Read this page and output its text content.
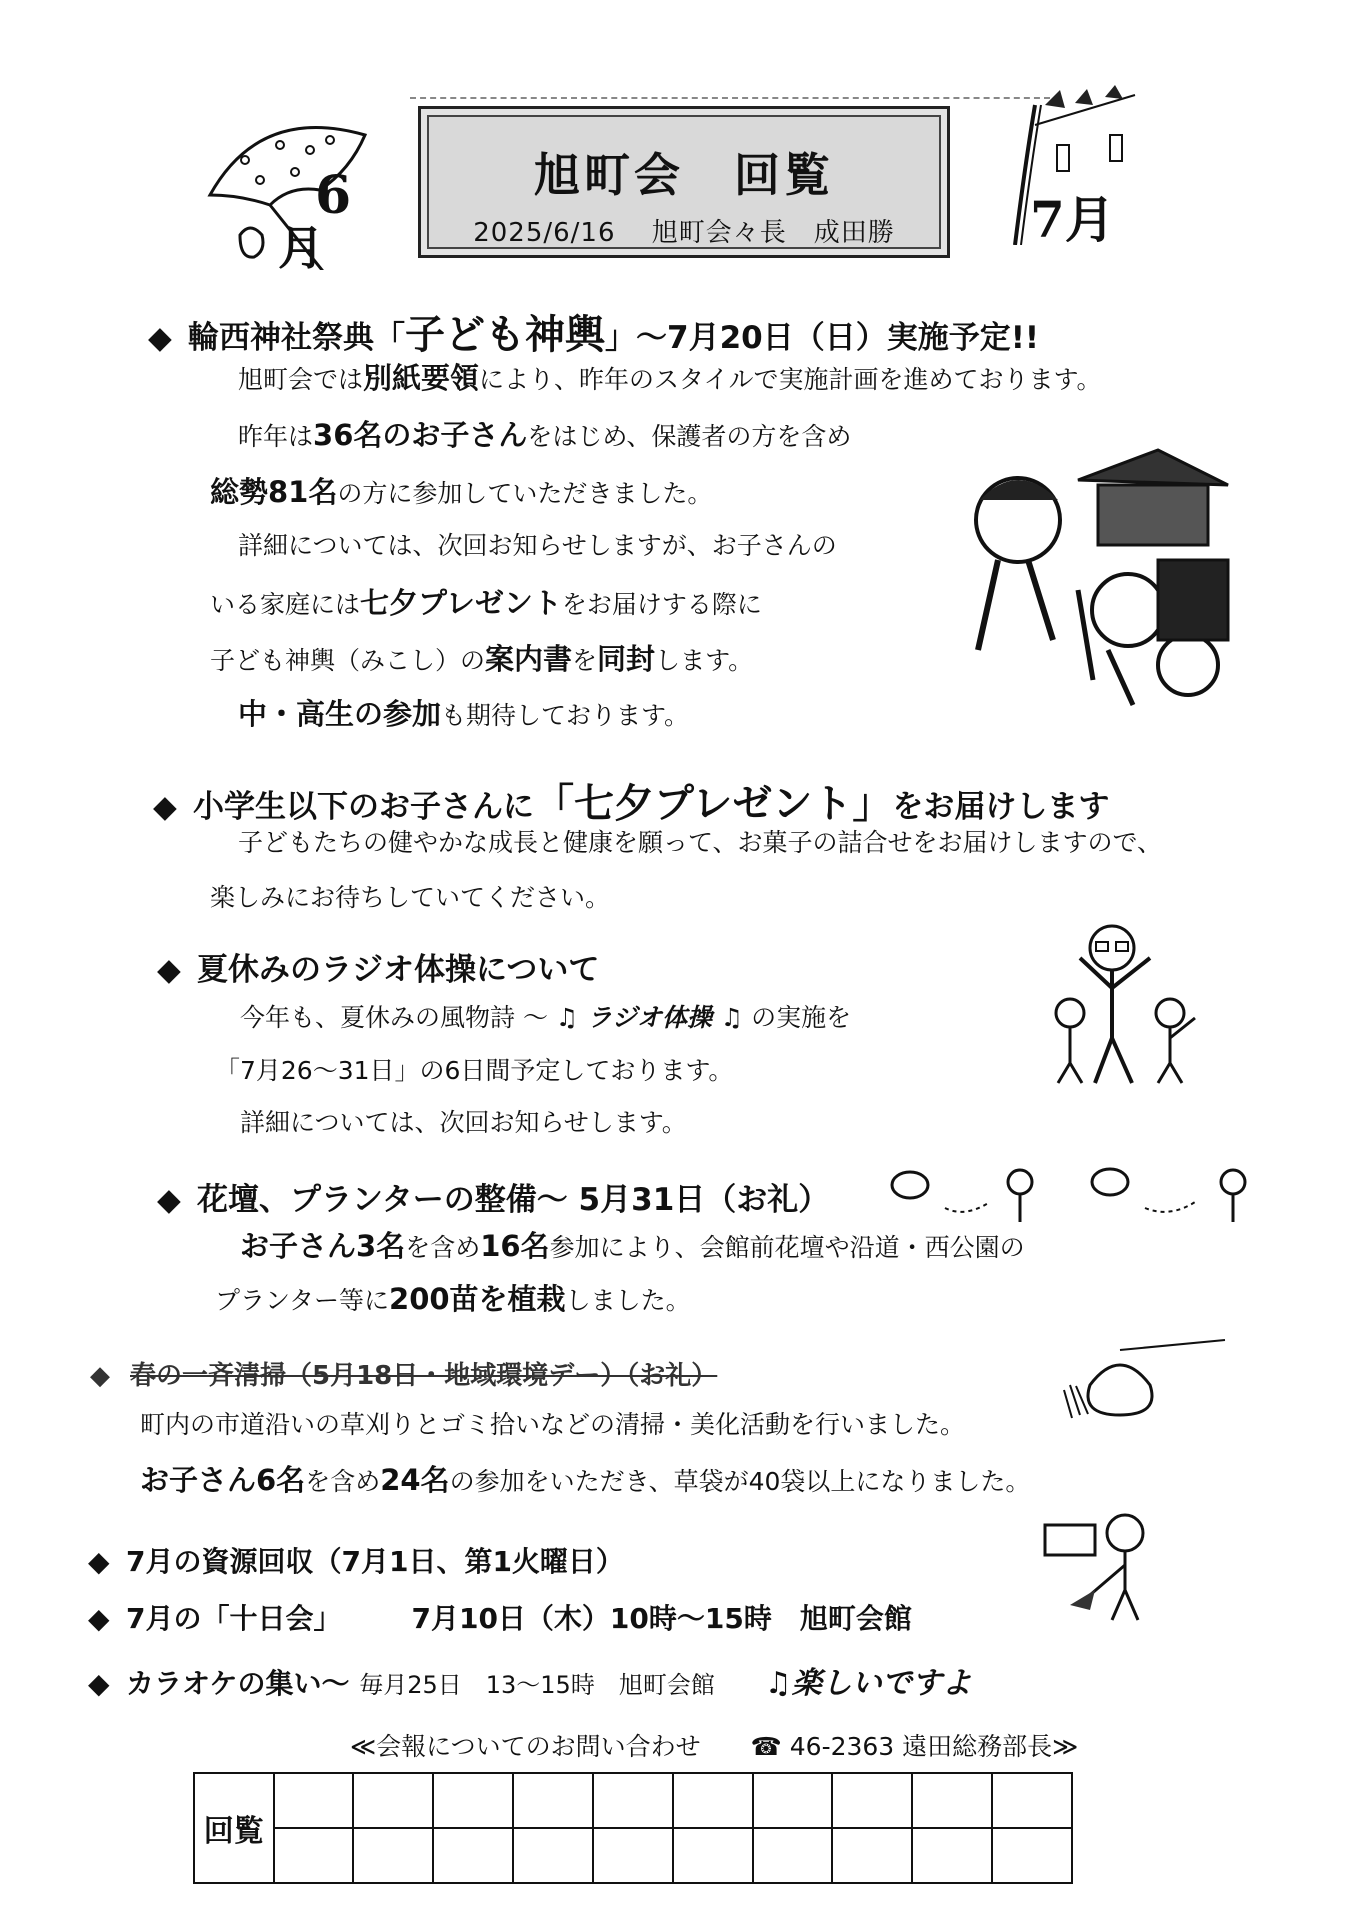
6
月
旭町会　回覧
2025/6/16　 旭町会々長　成田勝	7月
◆ 輪西神社祭典「子ども神輿」～7月20日（日）実施予定!!
旭町会では別紙要領により、昨年のスタイルで実施計画を進めております。
昨年は36名のお子さんをはじめ、保護者の方を含め
総勢81名の方に参加していただきました。
詳細については、次回お知らせしますが、お子さんの
いる家庭には七夕プレゼントをお届けする際に
子ども神輿（みこし）の案内書を同封します。
中・高生の参加も期待しております。
◆ 小学生以下のお子さんに「七夕プレゼント」をお届けします
子どもたちの健やかな成長と健康を願って、お菓子の詰合せをお届けしますので、
楽しみにお待ちしていてください。
◆ 夏休みのラジオ体操について
今年も、夏休みの風物詩 ～ ♫ ラジオ体操 ♫ の実施を
「7月26～31日」の6日間予定しております。
詳細については、次回お知らせします。
◆ 花壇、プランターの整備～ 5月31日（お礼）
お子さん3名を含め16名参加により、会館前花壇や沿道・西公園の
プランター等に200苗を植栽しました。
◆ 春の一斉清掃（5月18日・地域環境デー）（お礼）
町内の市道沿いの草刈りとゴミ拾いなどの清掃・美化活動を行いました。
お子さん6名を含め24名の参加をいただき、草袋が40袋以上になりました。
◆ 7月の資源回収（7月1日、第1火曜日）
◆ 7月の「十日会」	7月10日（木）10時～15時　旭町会館
◆ カラオケの集い～ 毎月25日　13～15時　旭町会館 ♫楽しいですよ
≪会報についてのお問い合わせ　　☎ 46-2363 遠田総務部長≫
回覧										
